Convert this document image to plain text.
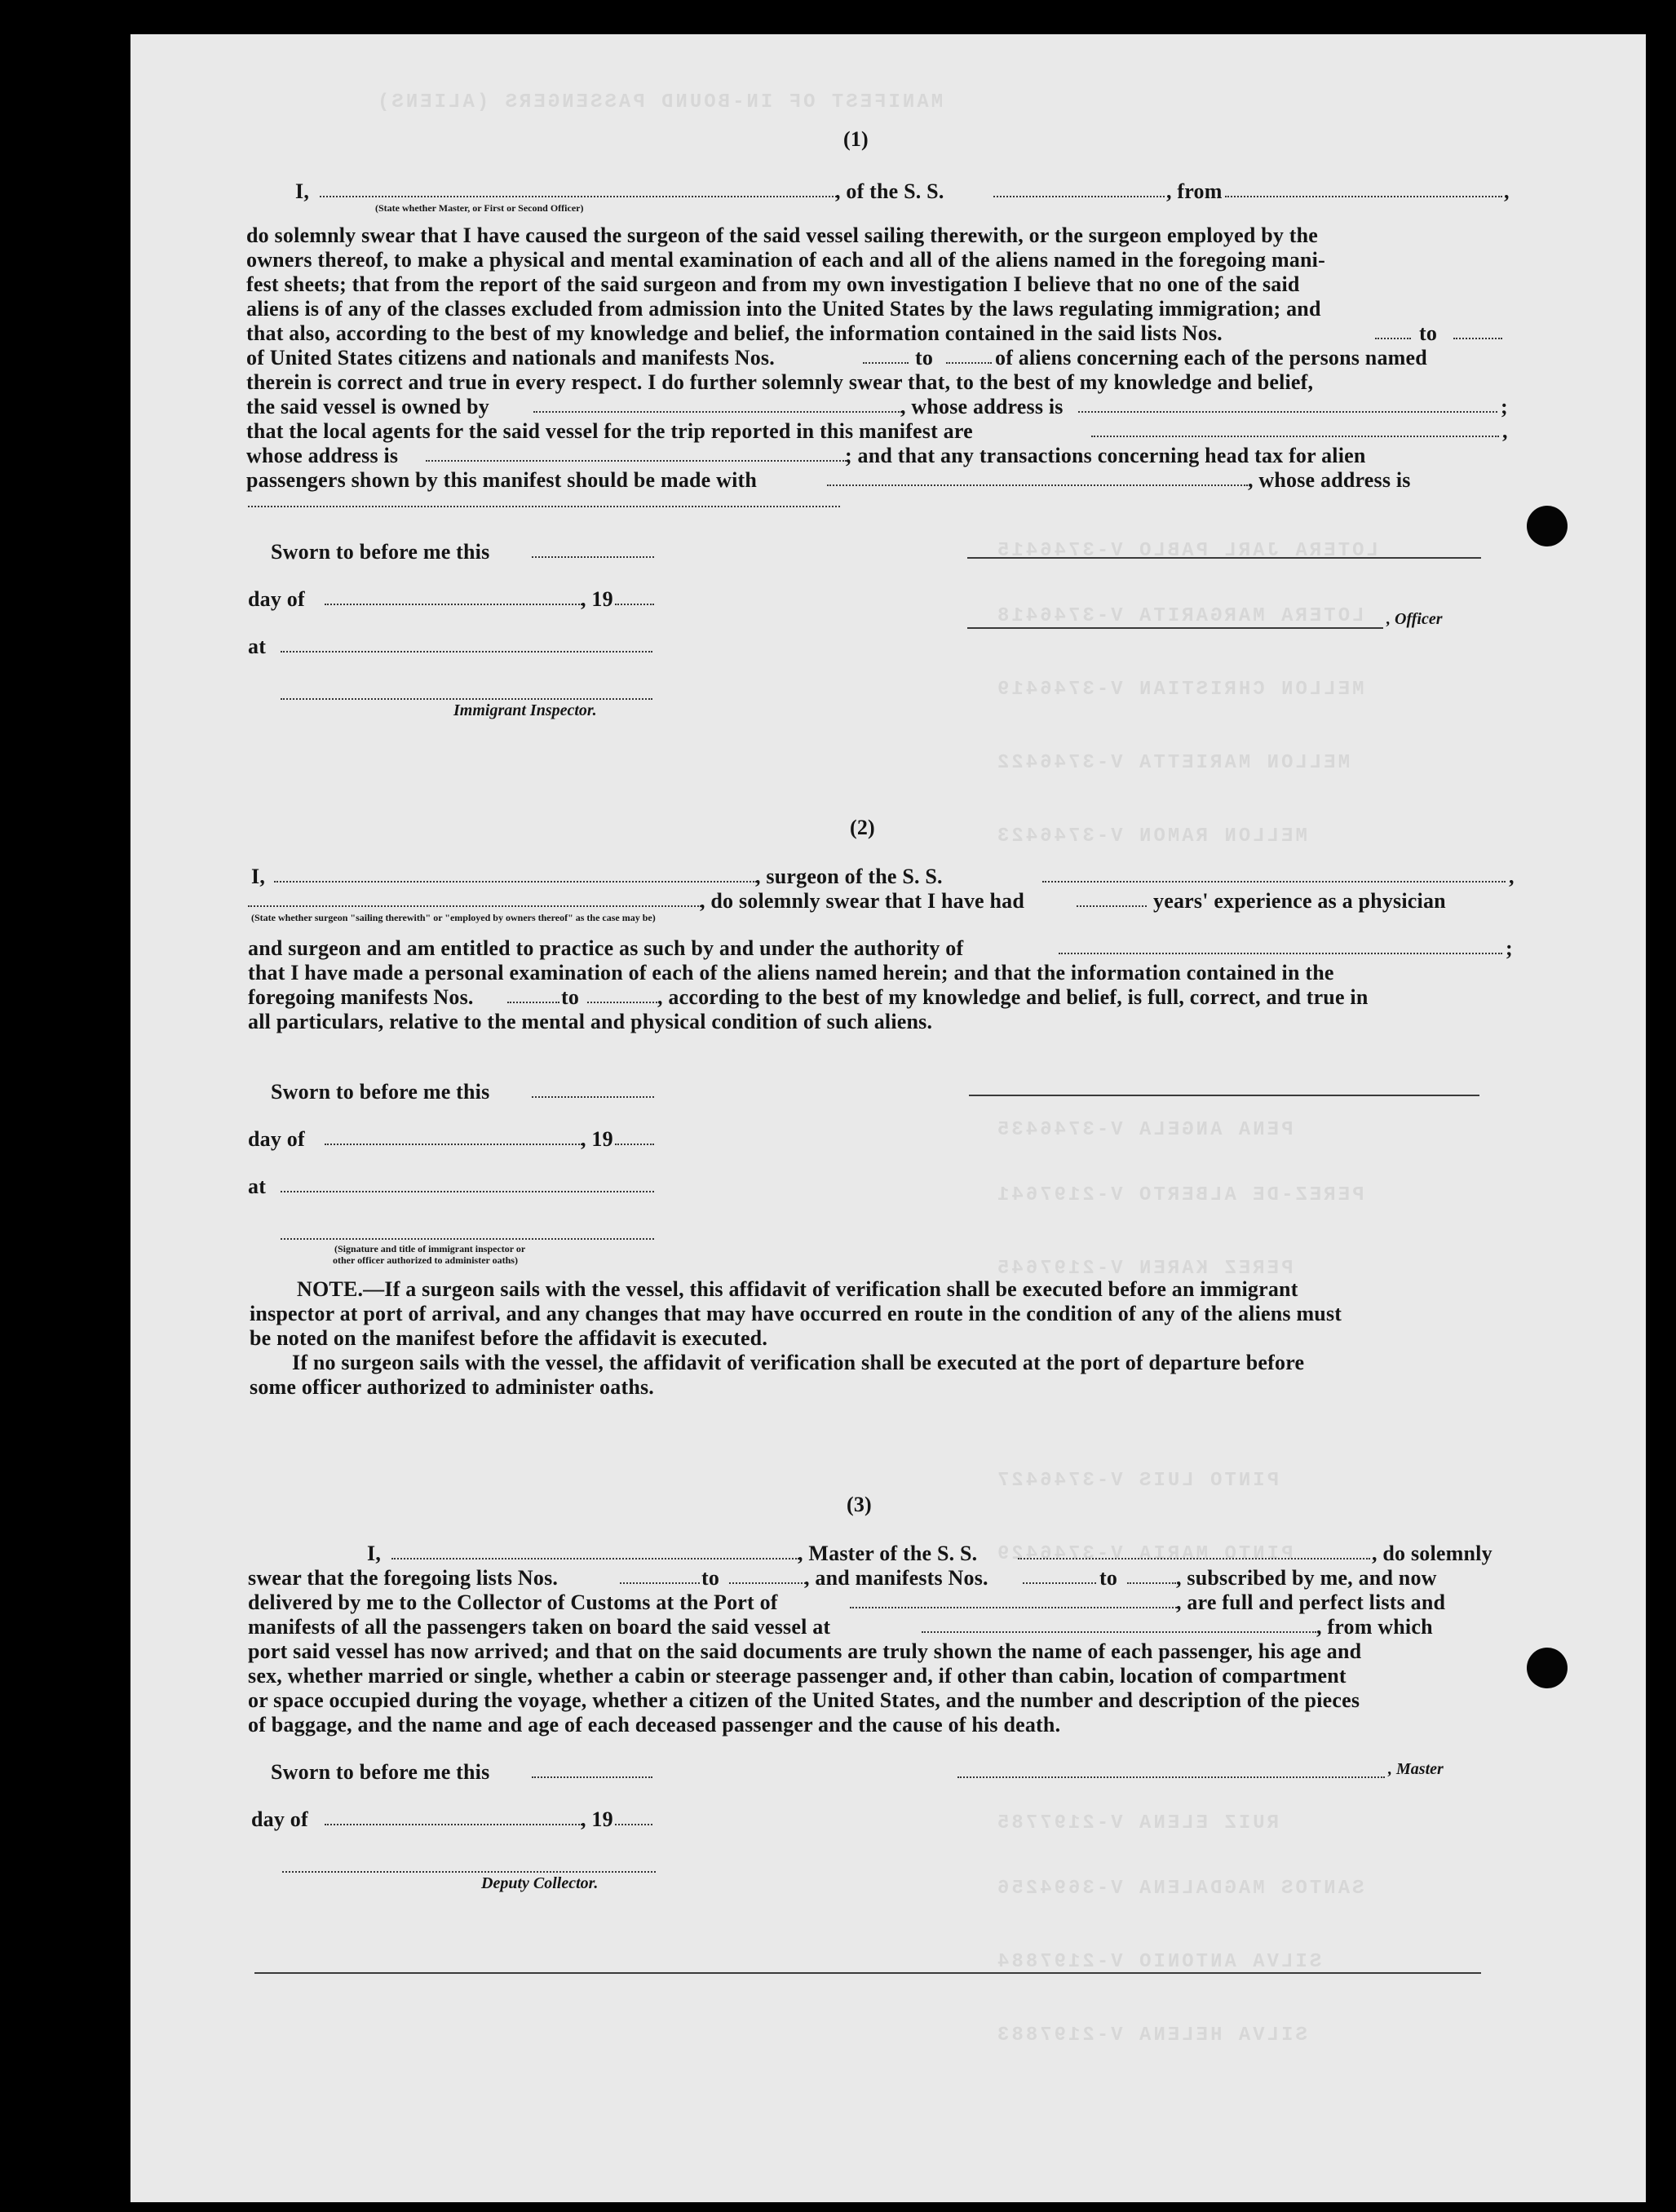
LOTERA JARL PABLO V-3746415
LOTERA MARGARITA V-3746418
MELLON CHRISTIAN V-3746419
MELLON MARIETTA V-3746422
MELLON RAMON V-3746423
PENA ANGELA V-3746435
PEREZ-DE ALBERTO V-2197641
PEREZ KAREN V-2197645
PINTO LUIS V-3746427
PINTO MARIA V-3746429
RUIZ ELENA V-2197785
SANTOS MAGDALENA V-3694256
SILVA ANTONIO V-2197884
SILVA HELENA V-2197883
MANIFEST OF IN-BOUND PASSENGERS (ALIENS)
(1)
I,	, of the S. S.	, from	,
(State whether Master, or First or Second Officer)
do solemnly swear that I have caused the surgeon of the said vessel sailing therewith, or the surgeon employed by the
owners thereof, to make a physical and mental examination of each and all of the aliens named in the foregoing mani-
fest sheets; that from the report of the said surgeon and from my own investigation I believe that no one of the said
aliens is of any of the classes excluded from admission into the United States by the laws regulating immigration; and
that also, according to the best of my knowledge and belief, the information contained in the said lists Nos.	to
of United States citizens and nationals and manifests Nos.	to	of aliens concerning each of the persons named
therein is correct and true in every respect. I do further solemnly swear that, to the best of my knowledge and belief,
the said vessel is owned by	, whose address is	;
that the local agents for the said vessel for the trip reported in this manifest are	,
whose address is	; and that any transactions concerning head tax for alien
passengers shown by this manifest should be made with	, whose address is
Sworn to before me this
day of	, 19
, Officer
at
Immigrant Inspector.
(2)
I,	, surgeon of the S. S.	,
, do solemnly swear that I have had	years' experience as a physician
(State whether surgeon "sailing therewith" or "employed by owners thereof" as the case may be)
and surgeon and am entitled to practice as such by and under the authority of	;
that I have made a personal examination of each of the aliens named herein; and that the information contained in the
foregoing manifests Nos.	to	, according to the best of my knowledge and belief, is full, correct, and true in
all particulars, relative to the mental and physical condition of such aliens.
Sworn to before me this
day of	, 19
at
(Signature and title of immigrant inspector or
other officer authorized to administer oaths)
NOTE.—If a surgeon sails with the vessel, this affidavit of verification shall be executed before an immigrant
inspector at port of arrival, and any changes that may have occurred en route in the condition of any of the aliens must
be noted on the manifest before the affidavit is executed.
If no surgeon sails with the vessel, the affidavit of verification shall be executed at the port of departure before
some officer authorized to administer oaths.
(3)
I,	, Master of the S. S.	, do solemnly
swear that the foregoing lists Nos.	to	, and manifests Nos.	to	, subscribed by me, and now
delivered by me to the Collector of Customs at the Port of	, are full and perfect lists and
manifests of all the passengers taken on board the said vessel at	, from which
port said vessel has now arrived; and that on the said documents are truly shown the name of each passenger, his age and
sex, whether married or single, whether a cabin or steerage passenger and, if other than cabin, location of compartment
or space occupied during the voyage, whether a citizen of the United States, and the number and description of the pieces
of baggage, and the name and age of each deceased passenger and the cause of his death.
Sworn to before me this	, Master
day of	, 19
Deputy Collector.
